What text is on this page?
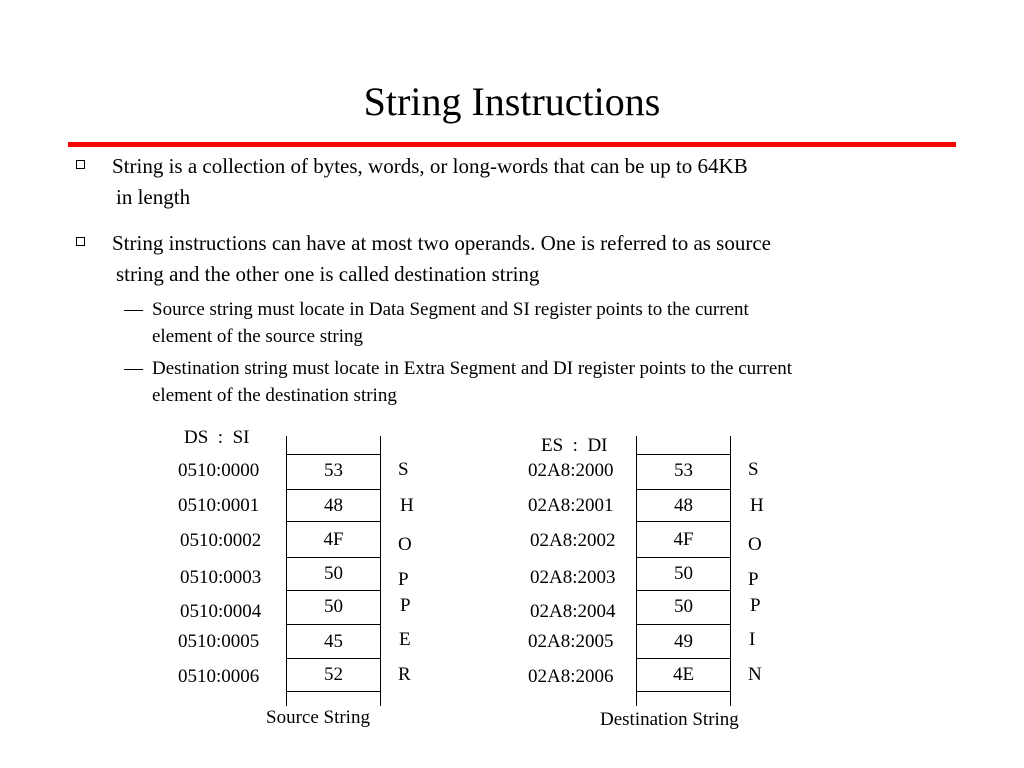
String Instructions
String is a collection of bytes, words, or long-words that can be up to 64KB
in length
String instructions can have at most two operands. One is referred to as source
string and the other one is called destination string
— Source string must locate in Data Segment and SI register points to the current
element of the source string
— Destination string must locate in Extra Segment and DI register points to the current
element of the destination string
DS  :  SI
0510:0000	53	S
0510:0001	48	H
0510:0002	4F	O
0510:0003	50	P
0510:0004	50	P
0510:0005	45	E
0510:0006	52	R
Source String
ES  :  DI
02A8:2000	53	S
02A8:2001	48	H
02A8:2002	4F	O
02A8:2003	50	P
02A8:2004	50	P
02A8:2005	49	I
02A8:2006	4E	N
Destination String
